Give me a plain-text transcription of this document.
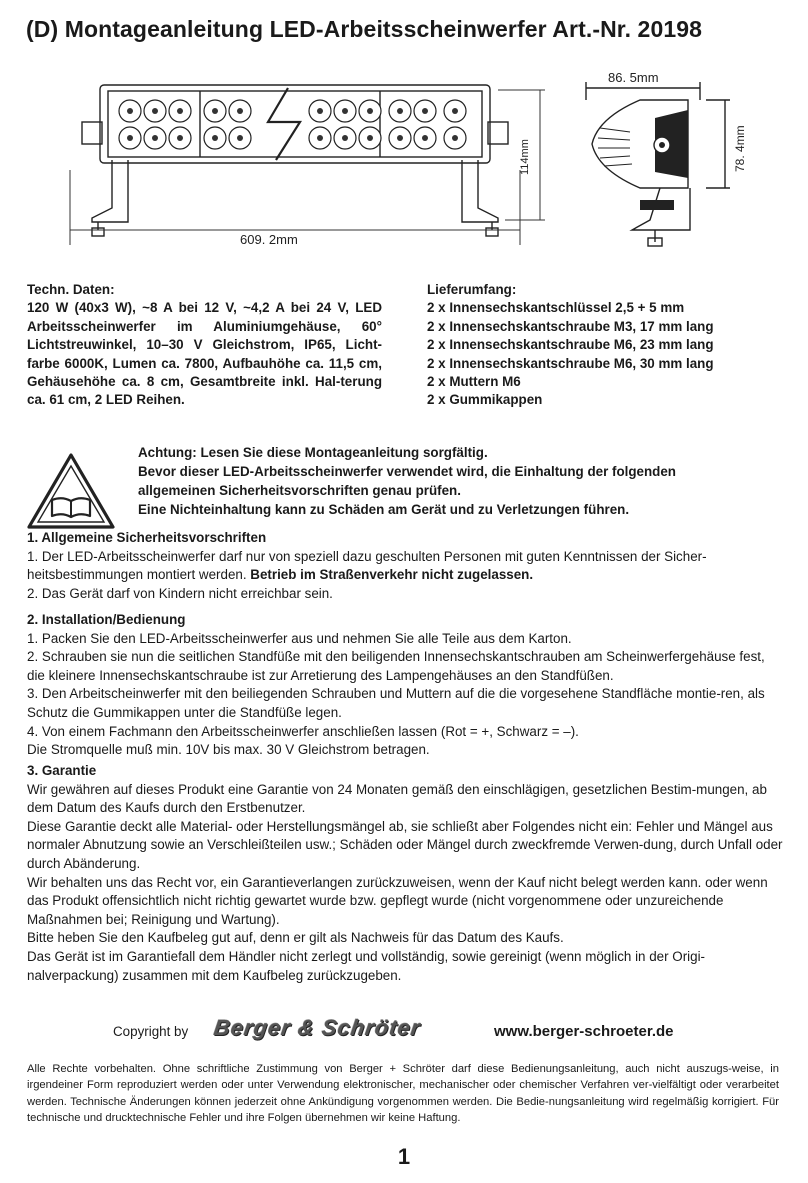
(D) Montageanleitung LED-Arbeitsscheinwerfer Art.-Nr. 20198
609. 2mm
114mm
86. 5mm
78. 4mm
Techn. Daten:
120 W (40x3 W), ~8 A bei 12 V, ~4,2 A bei 24 V, LED Arbeitsscheinwerfer im Aluminiumgehäuse, 60° Lichtstreuwinkel, 10–30 V Gleichstrom, IP65, Licht-farbe 6000K, Lumen ca. 7800, Aufbauhöhe ca. 11,5 cm, Gehäusehöhe ca. 8 cm, Gesamtbreite inkl. Hal-terung ca. 61 cm, 2 LED Reihen.
Lieferumfang:
2 x Innensechskantschlüssel 2,5 + 5 mm
2 x Innensechskantschraube M3, 17 mm lang
2 x Innensechskantschraube M6, 23 mm lang
2 x Innensechskantschraube M6, 30 mm lang
2 x Muttern M6
2 x Gummikappen
Achtung: Lesen Sie diese Montageanleitung sorgfältig.
Bevor dieser LED-Arbeitsscheinwerfer verwendet wird, die Einhaltung der folgenden
allgemeinen Sicherheitsvorschriften genau prüfen.
Eine Nichteinhaltung kann zu Schäden am Gerät und zu Verletzungen führen.
1. Allgemeine Sicherheitsvorschriften
1. Der LED-Arbeitsscheinwerfer darf nur von speziell dazu geschulten Personen mit guten Kenntnissen der Sicher-heitsbestimmungen montiert werden. Betrieb im Straßenverkehr nicht zugelassen.
2. Das Gerät darf von Kindern nicht erreichbar sein.
2. Installation/Bedienung
1. Packen Sie den LED-Arbeitsscheinwerfer aus und nehmen Sie alle Teile aus dem Karton.
2. Schrauben sie nun die seitlichen Standfüße mit den beiligenden Innensechskantschrauben am Scheinwerfergehäuse fest, die kleinere Innensechskantschraube ist zur Arretierung des Lampengehäuses an den Standfüßen.
3. Den Arbeitscheinwerfer mit den beiliegenden Schrauben und Muttern auf die die vorgesehene Standfläche montie-ren, als Schutz die Gummikappen unter die Standfüße legen.
4. Von einem Fachmann den Arbeitsscheinwerfer anschließen lassen (Rot = +, Schwarz = –).
Die Stromquelle muß min. 10V bis max. 30 V Gleichstrom betragen.
3. Garantie
Wir gewähren auf dieses Produkt eine Garantie von 24 Monaten gemäß den einschlägigen, gesetzlichen Bestim-mungen, ab dem Datum des Kaufs durch den Erstbenutzer.
Diese Garantie deckt alle Material- oder Herstellungsmängel ab, sie schließt aber Folgendes nicht ein: Fehler und Mängel aus normaler Abnutzung sowie an Verschleißteilen usw.; Schäden oder Mängel durch zweckfremde Verwen-dung, durch Unfall oder durch Abänderung.
Wir behalten uns das Recht vor, ein Garantieverlangen zurückzuweisen, wenn der Kauf nicht belegt werden kann. oder wenn das Produkt offensichtlich nicht richtig gewartet wurde bzw. gepflegt wurde (nicht vorgenommene oder unzureichende Maßnahmen bei; Reinigung und Wartung).
Bitte heben Sie den Kaufbeleg gut auf, denn er gilt als Nachweis für das Datum des Kaufs.
Das Gerät ist im Garantiefall dem Händler nicht zerlegt und vollständig, sowie gereinigt (wenn möglich in der Origi-nalverpackung) zusammen mit dem Kaufbeleg zurückzugeben.
Copyright by Berger & Schröter	www.berger-schroeter.de
Alle Rechte vorbehalten. Ohne schriftliche Zustimmung von Berger + Schröter darf diese Bedienungsanleitung, auch nicht auszugs-weise, in irgendeiner Form reproduziert werden oder unter Verwendung elektronischer, mechanischer oder chemischer Verfahren ver-vielfältigt oder verarbeitet werden. Technische Änderungen können jederzeit ohne Ankündigung vorgenommen werden. Die Bedie-nungsanleitung wird regelmäßig korrigiert. Für technische und drucktechnische Fehler und ihre Folgen übernehmen wir keine Haftung.
1
